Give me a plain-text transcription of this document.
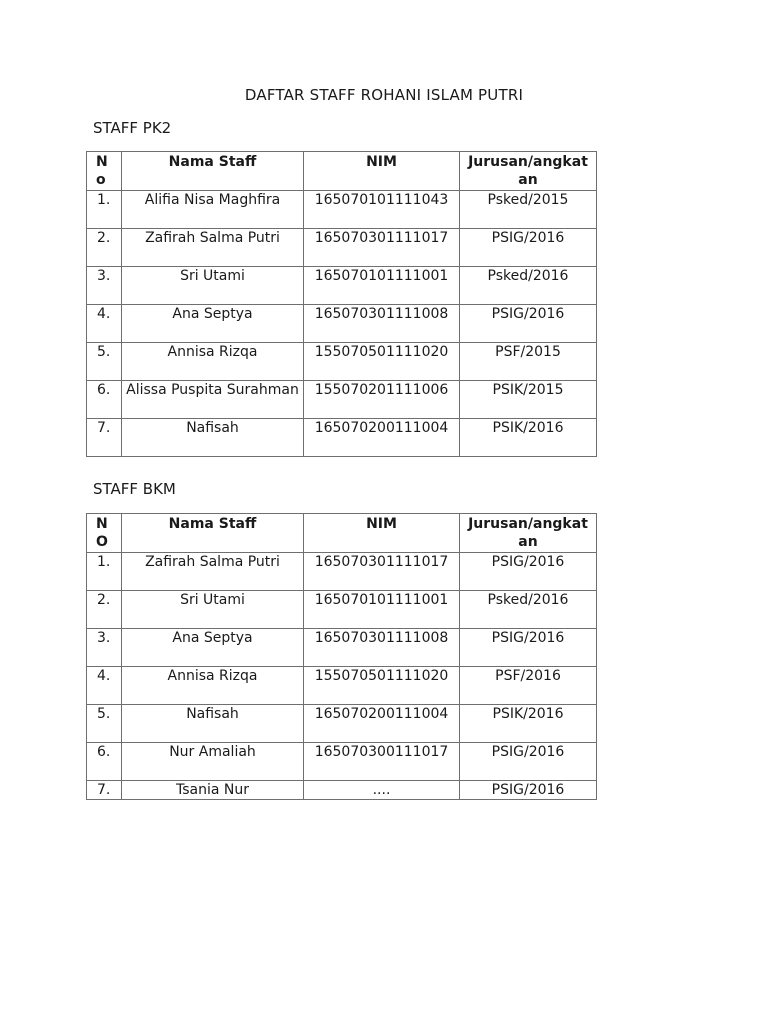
DAFTAR STAFF ROHANI ISLAM PUTRI
STAFF PK2
No	Nama Staff	NIM	Jurusan/angkatan
1.	Alifia Nisa Maghfira	165070101111043	Psked/2015
2.	Zafirah Salma Putri	165070301111017	PSIG/2016
3.	Sri Utami	165070101111001	Psked/2016
4.	Ana Septya	165070301111008	PSIG/2016
5.	Annisa Rizqa	155070501111020	PSF/2015
6.	Alissa Puspita Surahman	155070201111006	PSIK/2015
7.	Nafisah	165070200111004	PSIK/2016
STAFF BKM
NO	Nama Staff	NIM	Jurusan/angkatan
1.	Zafirah Salma Putri	165070301111017	PSIG/2016
2.	Sri Utami	165070101111001	Psked/2016
3.	Ana Septya	165070301111008	PSIG/2016
4.	Annisa Rizqa	155070501111020	PSF/2016
5.	Nafisah	165070200111004	PSIK/2016
6.	Nur Amaliah	165070300111017	PSIG/2016
7.	Tsania Nur	....	PSIG/2016
